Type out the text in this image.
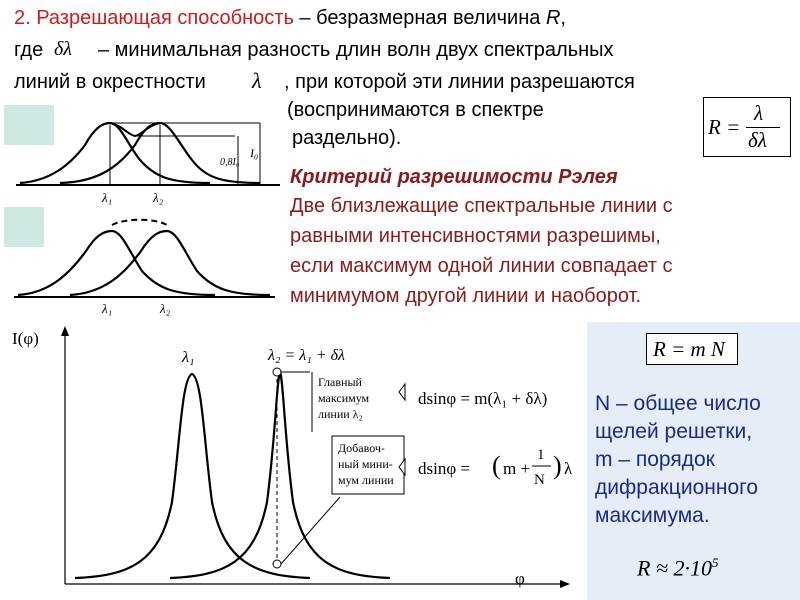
2. Разрешающая способность – безразмерная величина R,
где δλ – минимальная разность длин волн двух спектральных
линий в окрестности λ , при которой эти линии разрешаются
(воспринимаются в спектре
раздельно).	R =
λ
δλ
Критерий разрешимости Рэлея
Две близлежащие спектральные линии с
равными интенсивностями разрешимы,
если максимум одной линии совпадает с
минимумом другой линии и наоборот.
0,8I₀
I₀
λ₁	λ₂
λ₁	λ₂
I(φ)
φ
λ₁	λ₂ = λ₁ + δλ
Главный
максимум
линии λ₂
Добавоч-
ный мини-
мум линии
dsinφ = m(λ₁ + δλ)
dsinφ = ( m +
1
N ) λ
R = m N
N – общее число
щелей решетки,
m – порядок
дифракционного
максимума.
$R \approx 2\cdot 10^5$
